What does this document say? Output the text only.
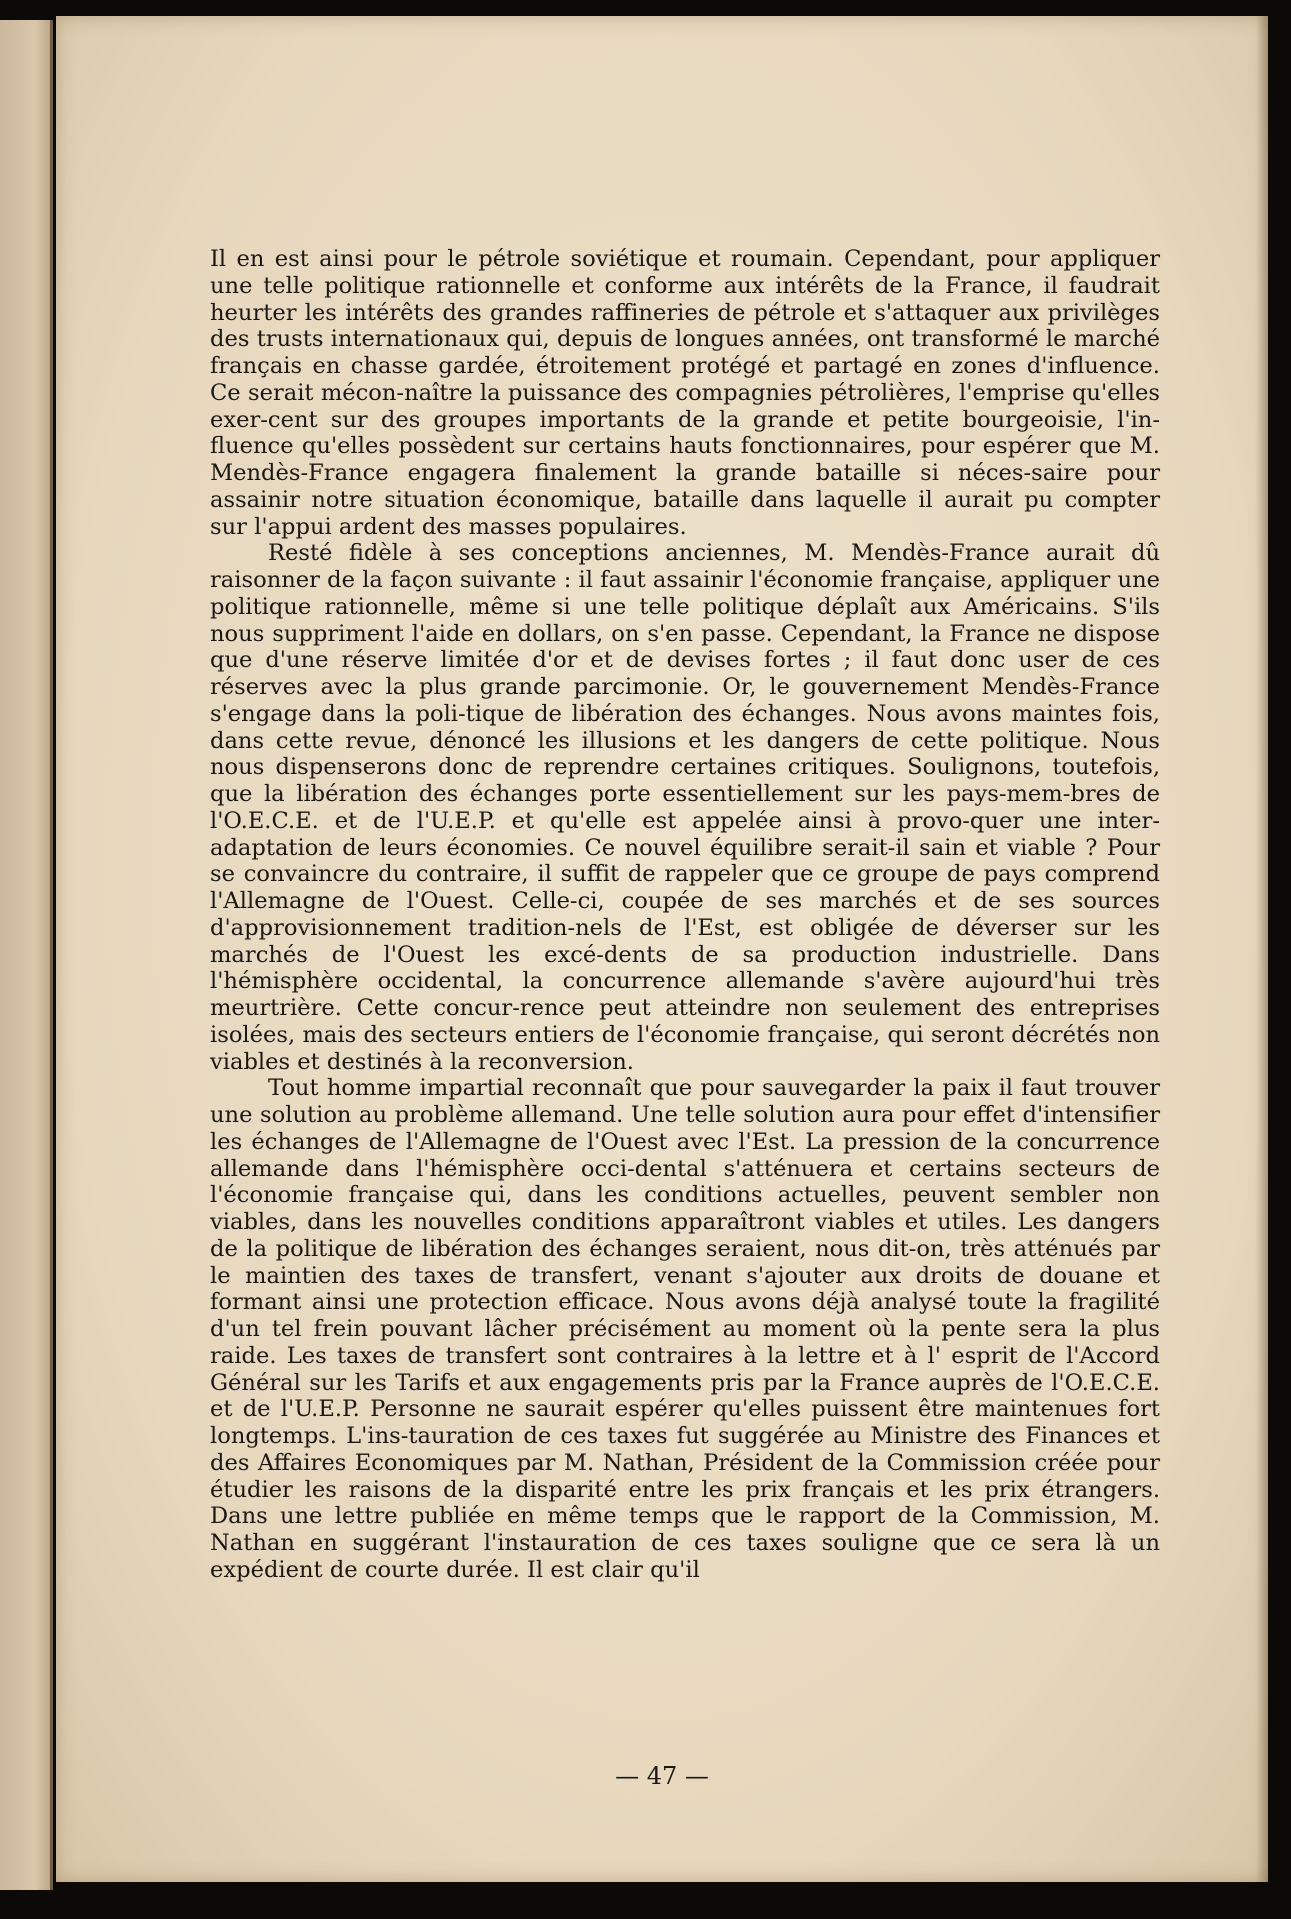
Il en est ainsi pour le pétrole soviétique et roumain. Cependant, pour appliquer une telle politique rationnelle et conforme aux intérêts de la France, il faudrait heurter les intérêts des grandes raffineries de pétrole et s'attaquer aux privilèges des trusts internationaux qui, depuis de longues années, ont transformé le marché français en chasse gardée, étroitement protégé et partagé en zones d'influence. Ce serait mécon-naître la puissance des compagnies pétrolières, l'emprise qu'elles exer-cent sur des groupes importants de la grande et petite bourgeoisie, l'in-fluence qu'elles possèdent sur certains hauts fonctionnaires, pour espérer que M. Mendès-France engagera finalement la grande bataille si néces-saire pour assainir notre situation économique, bataille dans laquelle il aurait pu compter sur l'appui ardent des masses populaires.

Resté fidèle à ses conceptions anciennes, M. Mendès-France aurait dû raisonner de la façon suivante : il faut assainir l'économie française, appliquer une politique rationnelle, même si une telle politique déplaît aux Américains. S'ils nous suppriment l'aide en dollars, on s'en passe. Cependant, la France ne dispose que d'une réserve limitée d'or et de devises fortes ; il faut donc user de ces réserves avec la plus grande parcimonie. Or, le gouvernement Mendès-France s'engage dans la poli-tique de libération des échanges. Nous avons maintes fois, dans cette revue, dénoncé les illusions et les dangers de cette politique. Nous nous dispenserons donc de reprendre certaines critiques. Soulignons, toutefois, que la libération des échanges porte essentiellement sur les pays-mem-bres de l'O.E.C.E. et de l'U.E.P. et qu'elle est appelée ainsi à provo-quer une inter-adaptation de leurs économies. Ce nouvel équilibre serait-il sain et viable ? Pour se convaincre du contraire, il suffit de rappeler que ce groupe de pays comprend l'Allemagne de l'Ouest. Celle-ci, coupée de ses marchés et de ses sources d'approvisionnement tradition-nels de l'Est, est obligée de déverser sur les marchés de l'Ouest les excé-dents de sa production industrielle. Dans l'hémisphère occidental, la concurrence allemande s'avère aujourd'hui très meurtrière. Cette concur-rence peut atteindre non seulement des entreprises isolées, mais des secteurs entiers de l'économie française, qui seront décrétés non viables et destinés à la reconversion.

Tout homme impartial reconnaît que pour sauvegarder la paix il faut trouver une solution au problème allemand. Une telle solution aura pour effet d'intensifier les échanges de l'Allemagne de l'Ouest avec l'Est. La pression de la concurrence allemande dans l'hémisphère occi-dental s'atténuera et certains secteurs de l'économie française qui, dans les conditions actuelles, peuvent sembler non viables, dans les nouvelles conditions apparaîtront viables et utiles. Les dangers de la politique de libération des échanges seraient, nous dit-on, très atténués par le maintien des taxes de transfert, venant s'ajouter aux droits de douane et formant ainsi une protection efficace. Nous avons déjà analysé toute la fragilité d'un tel frein pouvant lâcher précisément au moment où la pente sera la plus raide. Les taxes de transfert sont contraires à la lettre et à l' esprit de l'Accord Général sur les Tarifs et aux engagements pris par la France auprès de l'O.E.C.E. et de l'U.E.P. Personne ne saurait espérer qu'elles puissent être maintenues fort longtemps. L'ins-tauration de ces taxes fut suggérée au Ministre des Finances et des Affaires Economiques par M. Nathan, Président de la Commission créée pour étudier les raisons de la disparité entre les prix français et les prix étrangers. Dans une lettre publiée en même temps que le rapport de la Commission, M. Nathan en suggérant l'instauration de ces taxes souligne que ce sera là un expédient de courte durée. Il est clair qu'il

— 47 —
